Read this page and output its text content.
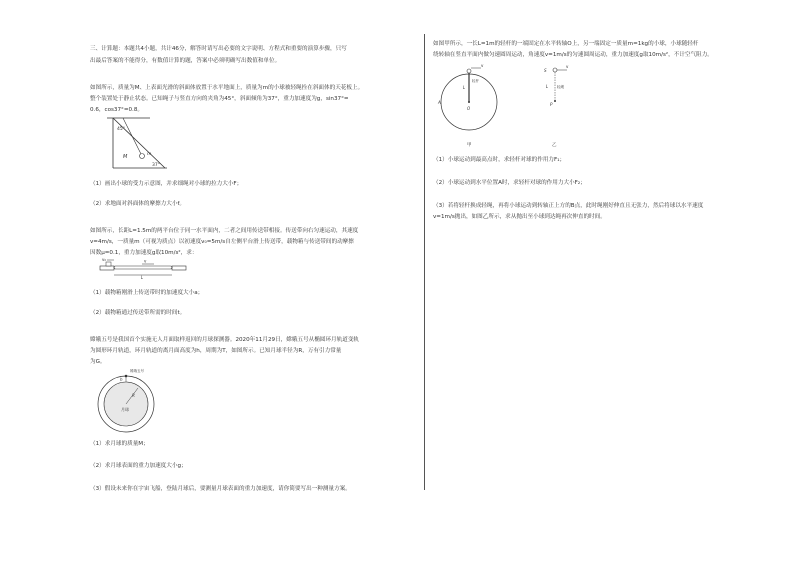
三、计算题：本题共4小题，共计46分，解答时请写出必要的文字说明、方程式和重要的演算步骤，只写
出最后答案的不能得分，有数值计算的题，答案中必须明确写出数值和单位。
如图所示，质量为M、上表面光滑的斜面体放置于水平地面上，质量为m的小球被轻绳拴在斜面体的天花板上。
整个装置处于静止状态。已知绳子与竖直方向的夹角为45°，斜面倾角为37°，重力加速度为g，sin37°=
0.6，cos37°=0.8。
45°
37°
M	m
（1）画出小球的受力示意图，并求细绳对小球的拉力大小F；
（2）求地面对斜面体的摩擦力大小f。
如图所示，长距L=1.5m的两平台位于同一水平面内，二者之间用传送带相接。传送带向右匀速运动，其速度
v=4m/s，一质量m（可视为质点）以初速度v₀=5m/s自左侧平台滑上传送带，载物箱与传送带间的动摩擦
因数μ=0.1，重力加速度g取10m/s²，求：
v₀	v
L
（1）载物箱刚滑上传送带时的加速度大小a；
（2）载物箱通过传送带所需的时间t。
嫦娥五号是我国首个实施无人月面取样返回的月球探测器。2020年11月29日，嫦娥五号从椭圆环月轨道变轨
为圆形环月轨道，环月轨道的离月面高度为h，周期为T，如图所示。已知月球半径为R，万有引力常量
为G。
嫦娥五号
h
R
月球
（1）求月球的质量M；
（2）求月球表面的重力加速度大小g；
（3）假设未来你在宇宙飞船，登陆月球后，要测量月球表面的重力加速度，请你简要写出一种测量方案。
如图甲所示，一长L=1m的轻杆的一端固定在水平转轴O上，另一端固定一质量m=1kg的小球，小球随轻杆
绕转轴在竖直平面内做匀速圆周运动，角速度v=1m/s的匀速圆周运动，重力加速度g取10m/s²，不计空气阻力。
v
A
O
L
轻杆
甲
v
S
L	轻绳
P
乙
（1）小球运动到最高点时，求轻杆对球的作用力F₁；
（2）小球运动到水平位置A时，求轻杆对球的作用力大小F₂；
（3）若将轻杆换成轻绳，再将小球运动到转轴正上方的B点，此时绳刚好伸直且无张力，然后将球以水平速度
v=1m/s抛出，如图乙所示，求从抛出至小球到达绳再次伸直的时间。
